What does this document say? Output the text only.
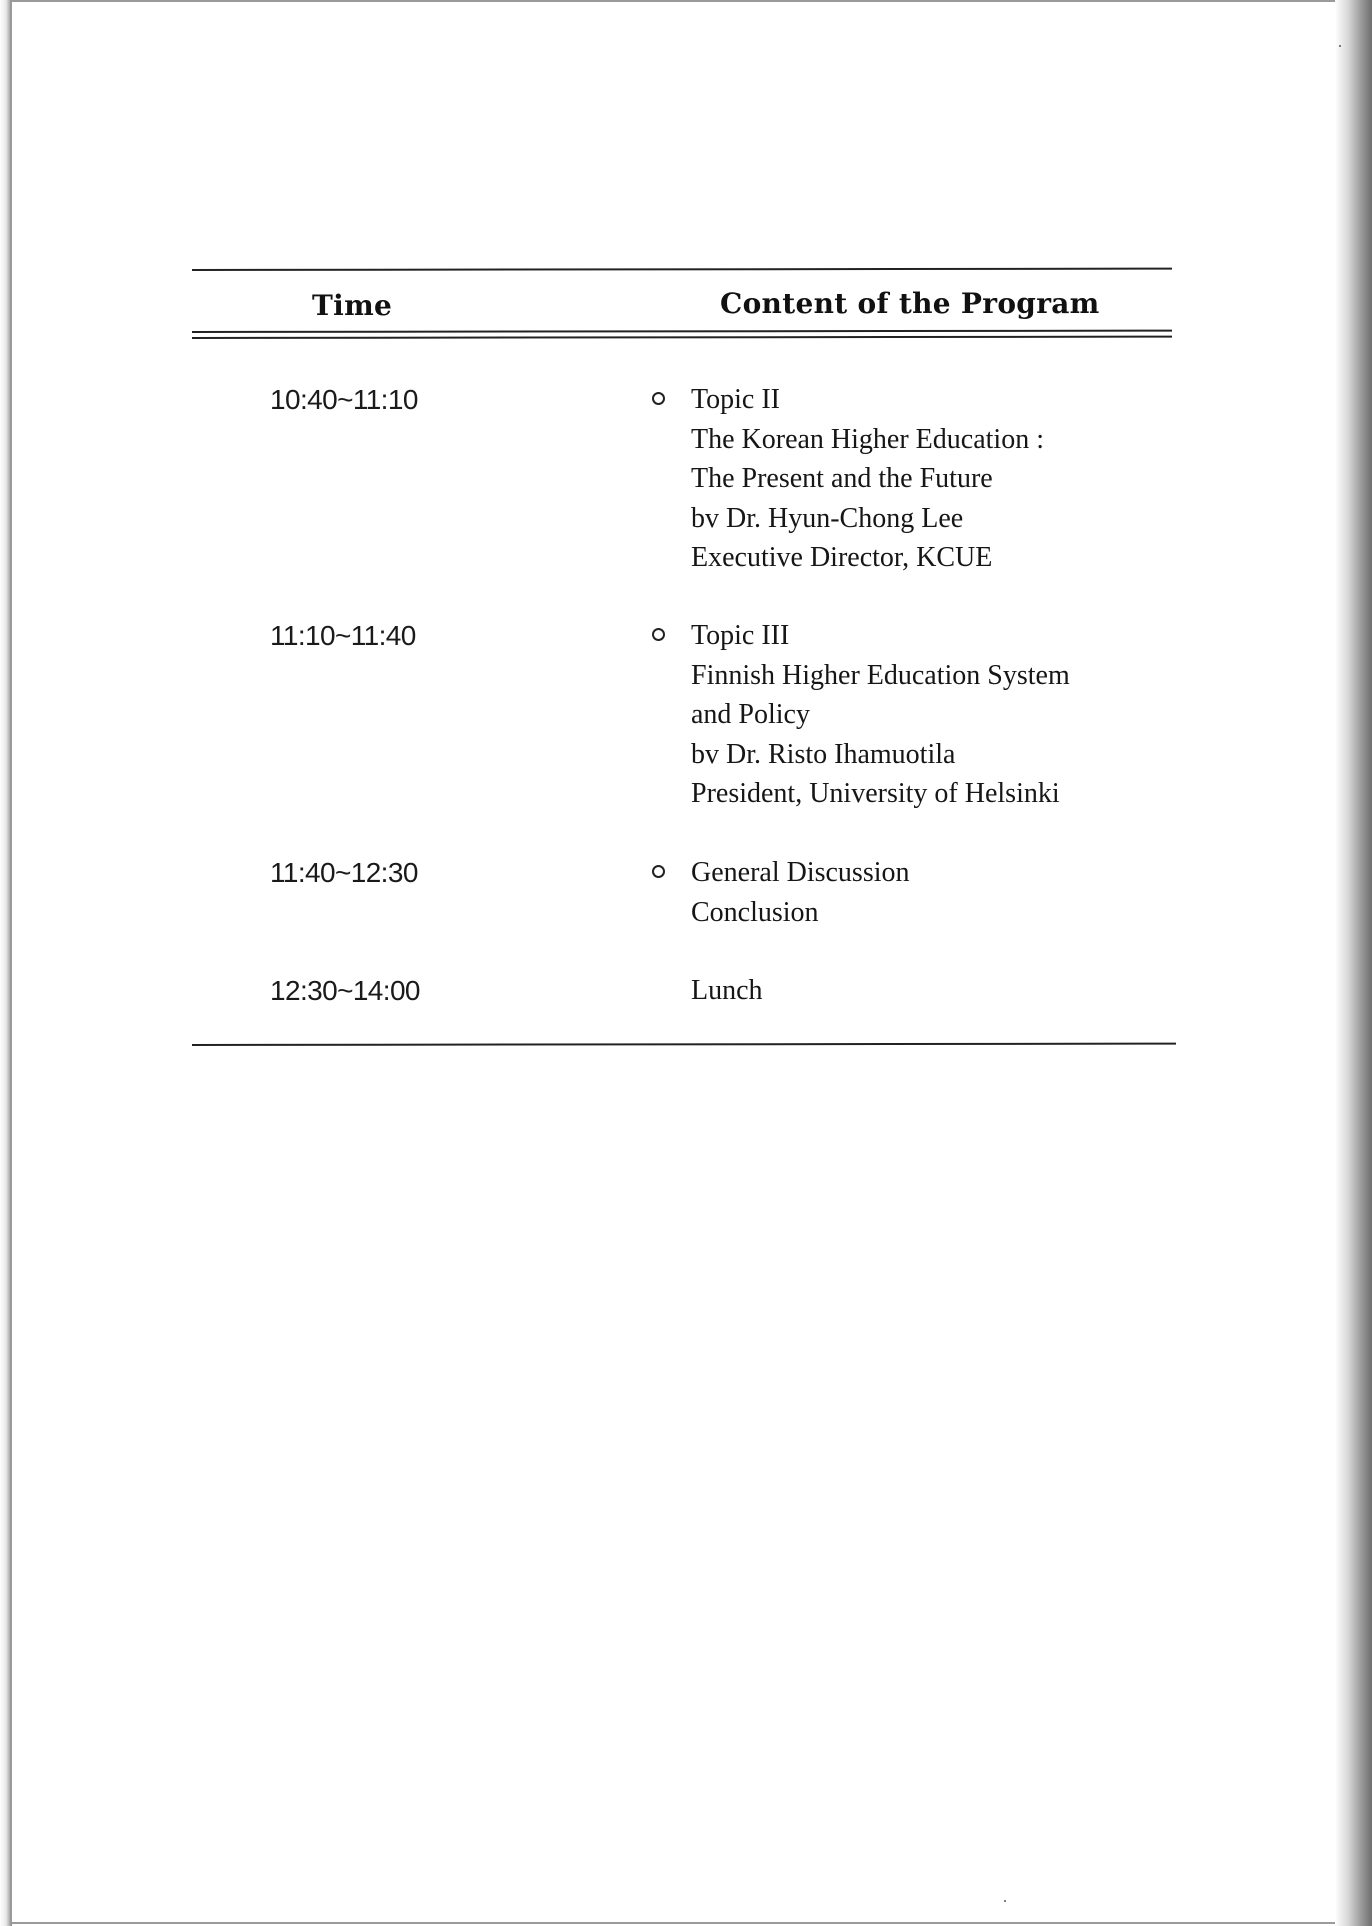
Time	Content of the Program
10:40~11:10	Topic II
The Korean Higher Education :
The Present and the Future
bv Dr. Hyun-Chong Lee
Executive Director, KCUE
11:10~11:40	Topic III
Finnish Higher Education System
and Policy
bv Dr. Risto Ihamuotila
President, University of Helsinki
11:40~12:30	General Discussion
Conclusion
12:30~14:00	Lunch
